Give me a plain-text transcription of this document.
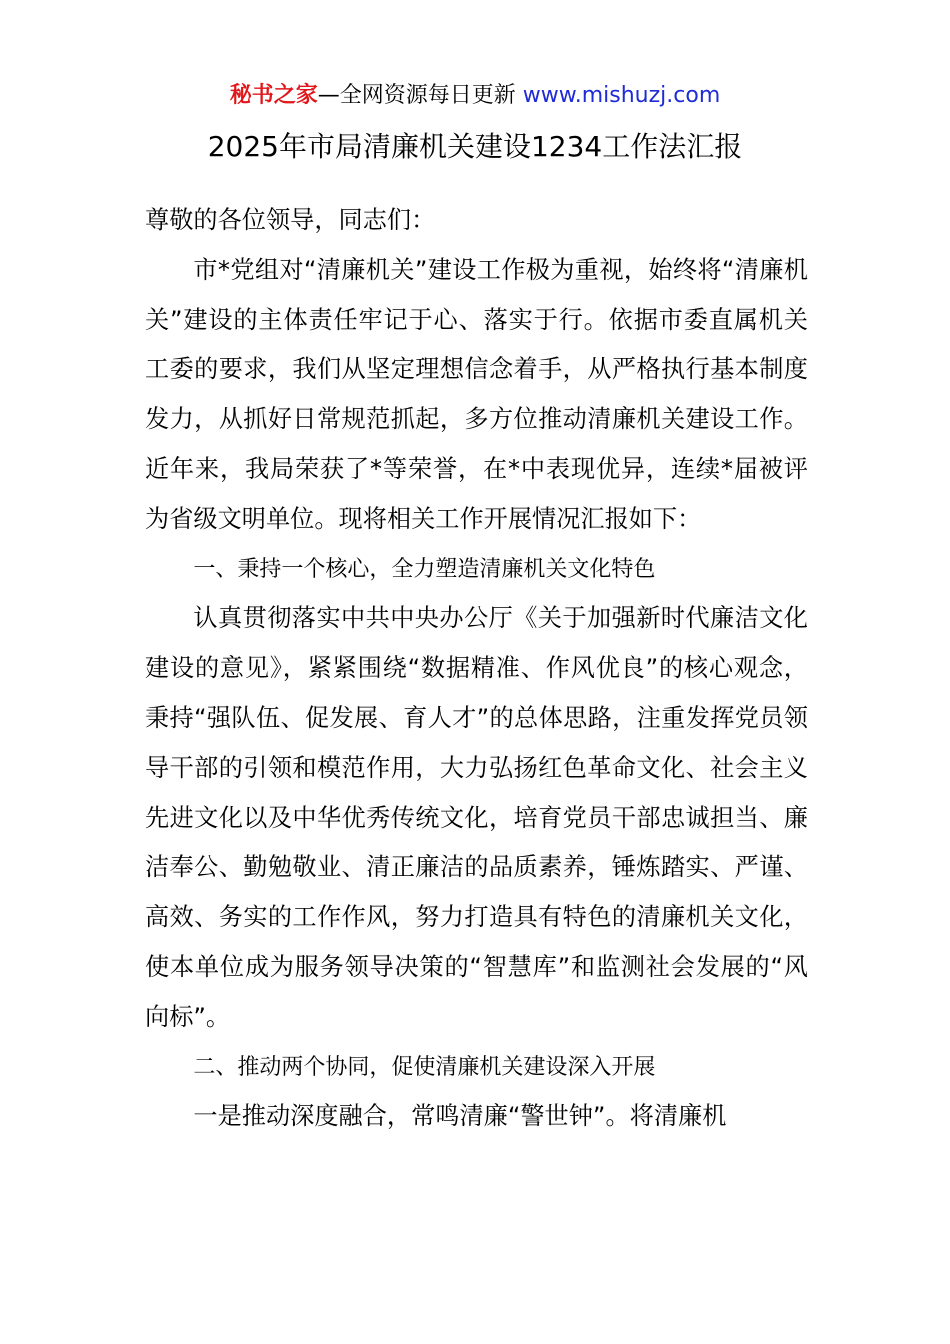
秘书之家—全网资源每日更新 www.mishuzj.com
2025年市局清廉机关建设1234工作法汇报

尊敬的各位领导，同志们：

市*党组对“清廉机关”建设工作极为重视，始终将“清廉机关”建设的主体责任牢记于心、落实于行。依据市委直属机关工委的要求，我们从坚定理想信念着手，从严格执行基本制度发力，从抓好日常规范抓起，多方位推动清廉机关建设工作。近年来，我局荣获了*等荣誉，在*中表现优异，连续*届被评为省级文明单位。现将相关工作开展情况汇报如下：

一、秉持一个核心，全力塑造清廉机关文化特色

认真贯彻落实中共中央办公厅《关于加强新时代廉洁文化建设的意见》，紧紧围绕“数据精准、作风优良”的核心观念，秉持“强队伍、促发展、育人才”的总体思路，注重发挥党员领导干部的引领和模范作用，大力弘扬红色革命文化、社会主义先进文化以及中华优秀传统文化，培育党员干部忠诚担当、廉洁奉公、勤勉敬业、清正廉洁的品质素养，锤炼踏实、严谨、高效、务实的工作作风，努力打造具有特色的清廉机关文化，使本单位成为服务领导决策的“智慧库”和监测社会发展的“风向标”。

二、推动两个协同，促使清廉机关建设深入开展

一是推动深度融合，常鸣清廉“警世钟”。将清廉机
